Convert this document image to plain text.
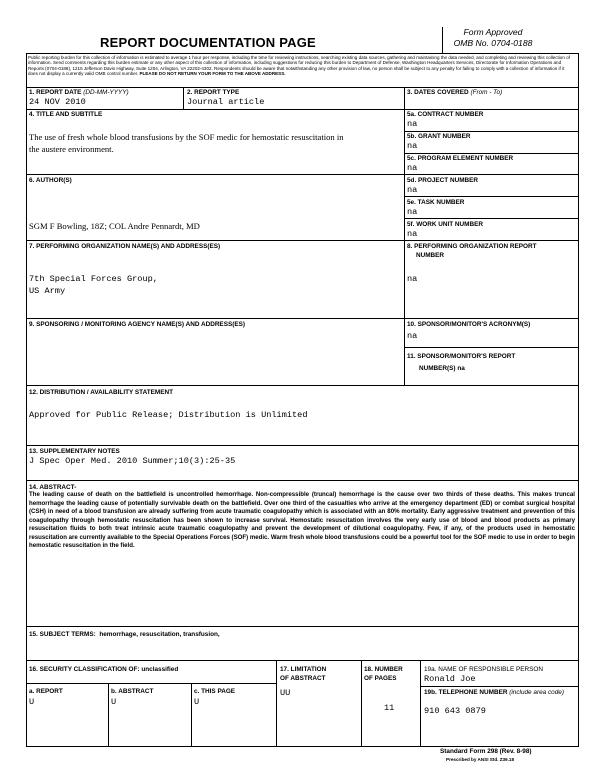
REPORT DOCUMENTATION PAGE
Form Approved
OMB No. 0704-0188
Public reporting burden for this collection of information is estimated to average 1 hour per response, including the time for reviewing instructions, searching existing data sources, gathering and maintaining the data needed, and completing and reviewing this collection of information. Send comments regarding this burden estimate or any other aspect of this collection of information, including suggestions for reducing this burden to Department of Defense, Washington Headquarters Services, Directorate for Information Operations and Reports (0704-0188), 1215 Jefferson Davis Highway, Suite 1204, Arlington, VA 22202-4302. Respondents should be aware that notwithstanding any other provision of law, no person shall be subject to any penalty for failing to comply with a collection of information if it does not display a currently valid OMB control number. PLEASE DO NOT RETURN YOUR FORM TO THE ABOVE ADDRESS.
1. REPORT DATE (DD-MM-YYYY)
24 NOV 2010
2. REPORT TYPE
Journal article
3. DATES COVERED (From - To)
4. TITLE AND SUBTITLE
The use of fresh whole blood transfusions by the SOF medic for hemostatic resuscitation in
the austere environment.
5a. CONTRACT NUMBER
na
5b. GRANT NUMBER
na
5c. PROGRAM ELEMENT NUMBER
na
6. AUTHOR(S)
SGM F Bowling, 18Z; COL Andre Pennardt, MD
5d. PROJECT NUMBER
na
5e. TASK NUMBER
na
5f. WORK UNIT NUMBER
na
7. PERFORMING ORGANIZATION NAME(S) AND ADDRESS(ES)
7th Special Forces Group,
US Army
8. PERFORMING ORGANIZATION REPORT
NUMBER
na
9. SPONSORING / MONITORING AGENCY NAME(S) AND ADDRESS(ES)	10. SPONSOR/MONITOR'S ACRONYM(S)
na
11. SPONSOR/MONITOR'S REPORT
NUMBER(S) na
12. DISTRIBUTION / AVAILABILITY STATEMENT
Approved for Public Release; Distribution is Unlimited
13. SUPPLEMENTARY NOTES
J Spec Oper Med. 2010 Summer;10(3):25-35
14. ABSTRACT-
The leading cause of death on the battlefield is uncontrolled hemorrhage. Non-compressible (truncal) hemorrhage is the cause over two thirds of these deaths. This makes truncal hemorrhage the leading cause of potentially survivable death on the battlefield. Over one third of the casualties who arrive at the emergency department (ED) or combat surgical hospital (CSH) in need of a blood transfusion are already suffering from acute traumatic coagulopathy which is associated with an 80% mortality. Early aggressive treatment and prevention of this coagulopathy through hemostatic resuscitation has been shown to increase survival. Hemostatic resuscitation involves the very early use of blood and blood products as primary resuscitation fluids to both treat intrinsic acute traumatic coagulopathy and prevent the development of dilutional coagulopathy. Few, if any, of the products used in hemostatic resuscitation are currently available to the Special Operations Forces (SOF) medic. Warm fresh whole blood transfusions could be a powerful tool for the SOF medic to use in order to begin hemostatic resuscitation in the field.
15. SUBJECT TERMS: hemorrhage, resuscitation, transfusion,
16. SECURITY CLASSIFICATION OF: unclassified
a. REPORT
U
b. ABSTRACT
U
c. THIS PAGE
U
17. LIMITATION
OF ABSTRACT
UU
18. NUMBER
OF PAGES
11
19a. NAME OF RESPONSIBLE PERSON
Ronald Joe
19b. TELEPHONE NUMBER (include area code)
910 643 0879
Standard Form 298 (Rev. 8-98)
Prescribed by ANSI Std. Z39.18
